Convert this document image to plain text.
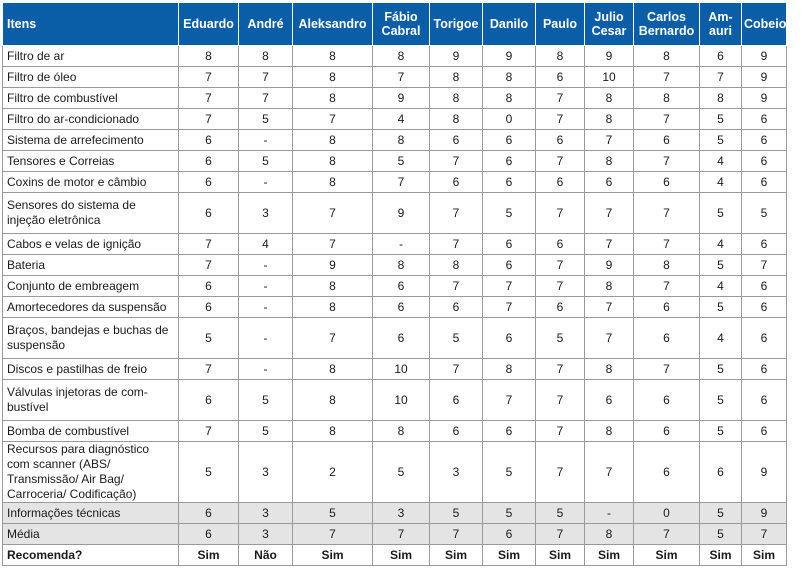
Itens	Eduardo	André	Aleksandro	Fábio Cabral	Torigoe	Danilo	Paulo	Julio Cesar	Carlos Bernardo	Am-auri	Cobeio
Filtro de ar	8	8	8	8	9	9	8	9	8	6	9
Filtro de óleo	7	7	8	7	8	8	6	10	7	7	9
Filtro de combustível	7	7	8	9	8	8	7	8	8	8	9
Filtro do ar-condicionado	7	5	7	4	8	0	7	8	7	5	6
Sistema de arrefecimento	6	-	8	8	6	6	6	7	6	5	6
Tensores e Correias	6	5	8	5	7	6	7	8	7	4	6
Coxins de motor e câmbio	6	-	8	7	6	6	6	6	6	4	6
Sensores do sistema de injeção eletrônica	6	3	7	9	7	5	7	7	7	5	5
Cabos e velas de ignição	7	4	7	-	7	6	6	7	7	4	6
Bateria	7	-	9	8	8	6	7	9	8	5	7
Conjunto de embreagem	6	-	8	6	7	7	7	8	7	4	6
Amortecedores da suspensão	6	-	8	6	6	7	6	7	6	5	6
Braços, bandejas e buchas de suspensão	5	-	7	6	5	6	5	7	6	4	6
Discos e pastilhas de freio	7	-	8	10	7	8	7	8	7	5	6
Válvulas injetoras de com-bustível	6	5	8	10	6	7	7	6	6	5	6
Bomba de combustível	7	5	8	8	6	6	7	8	6	5	6
Recursos para diagnóstico com scanner (ABS/ Transmissão/ Air Bag/ Carroceria/ Codificação)	5	3	2	5	3	5	7	7	6	6	9
Informações técnicas	6	3	5	3	5	5	5	-	0	5	9
Média	6	3	7	7	7	6	7	8	7	5	7
Recomenda?	Sim	Não	Sim	Sim	Sim	Sim	Sim	Sim	Sim	Sim	Sim
